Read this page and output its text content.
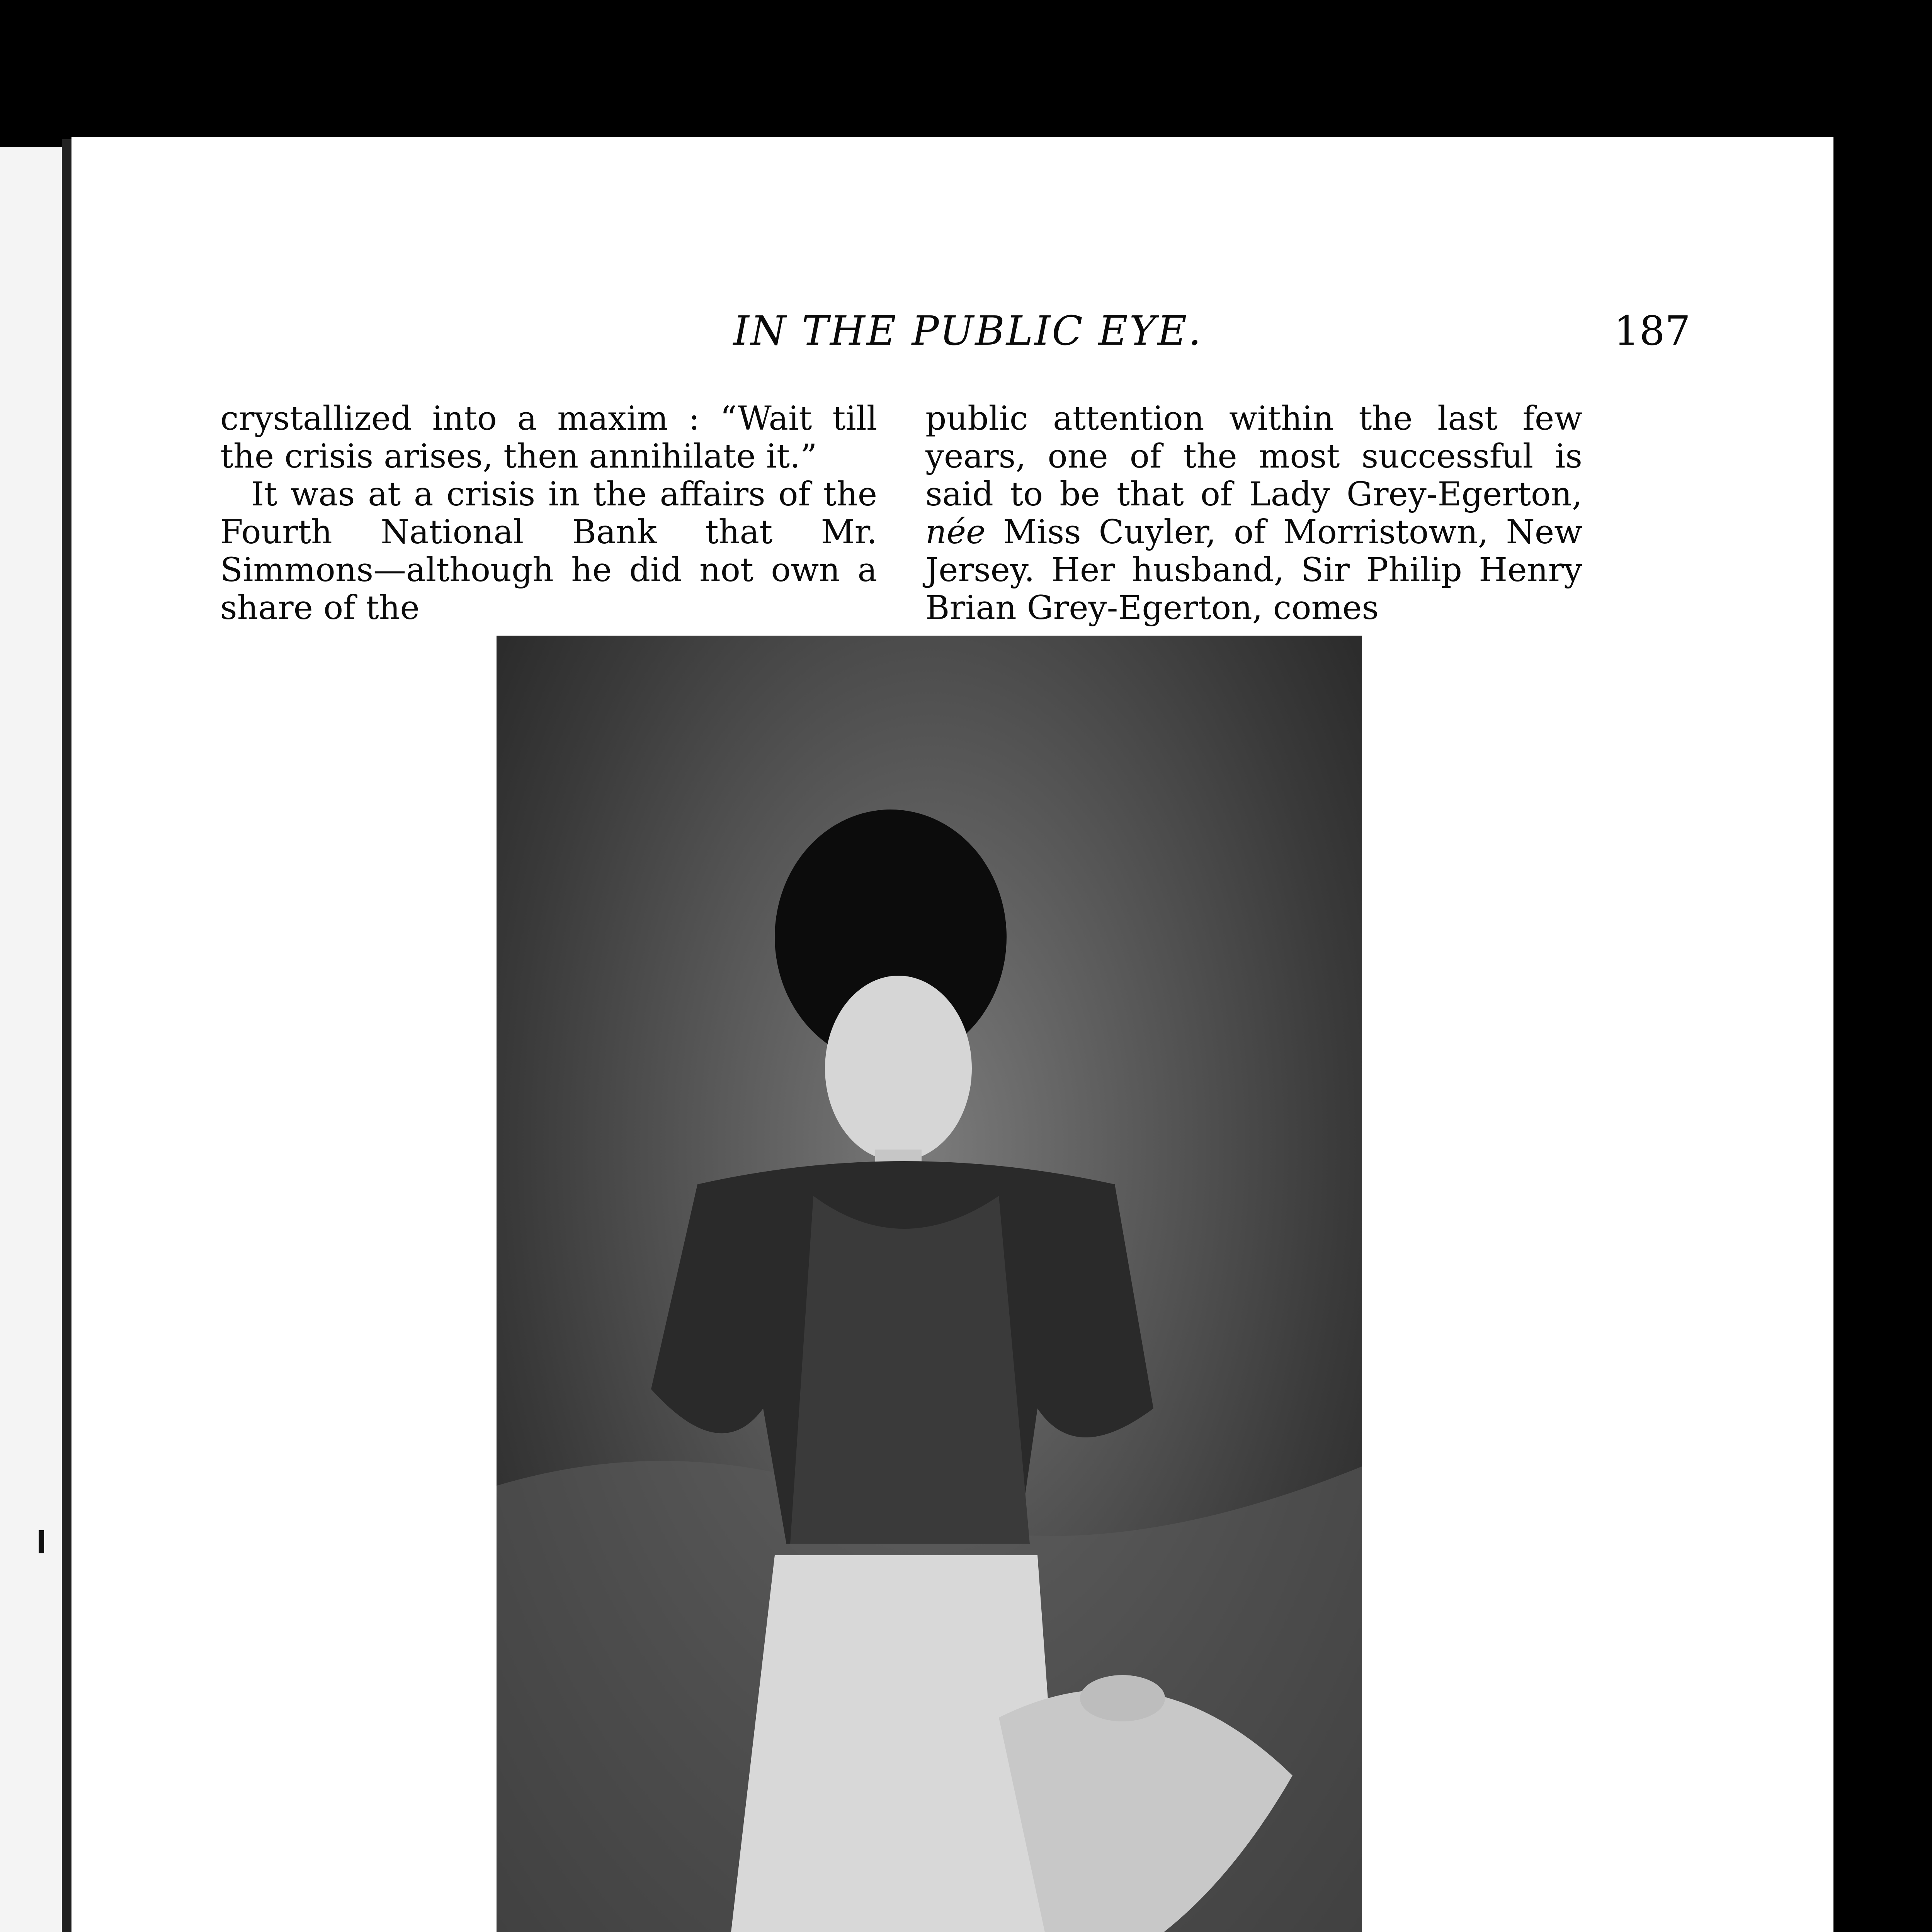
IN THE PUBLIC EYE.	187

crystallized into a maxim : “Wait till the crisis arises, then annihilate it.”

It was at a crisis in the affairs of the Fourth National Bank that Mr. Simmons—although he did not own a share of the

public attention within the last few years, one of the most successful is said to be that of Lady Grey-Egerton, née Miss Cuyler, of Morristown, New Jersey. Her husband, Sir Philip Henry Brian Grey-Egerton, comes
